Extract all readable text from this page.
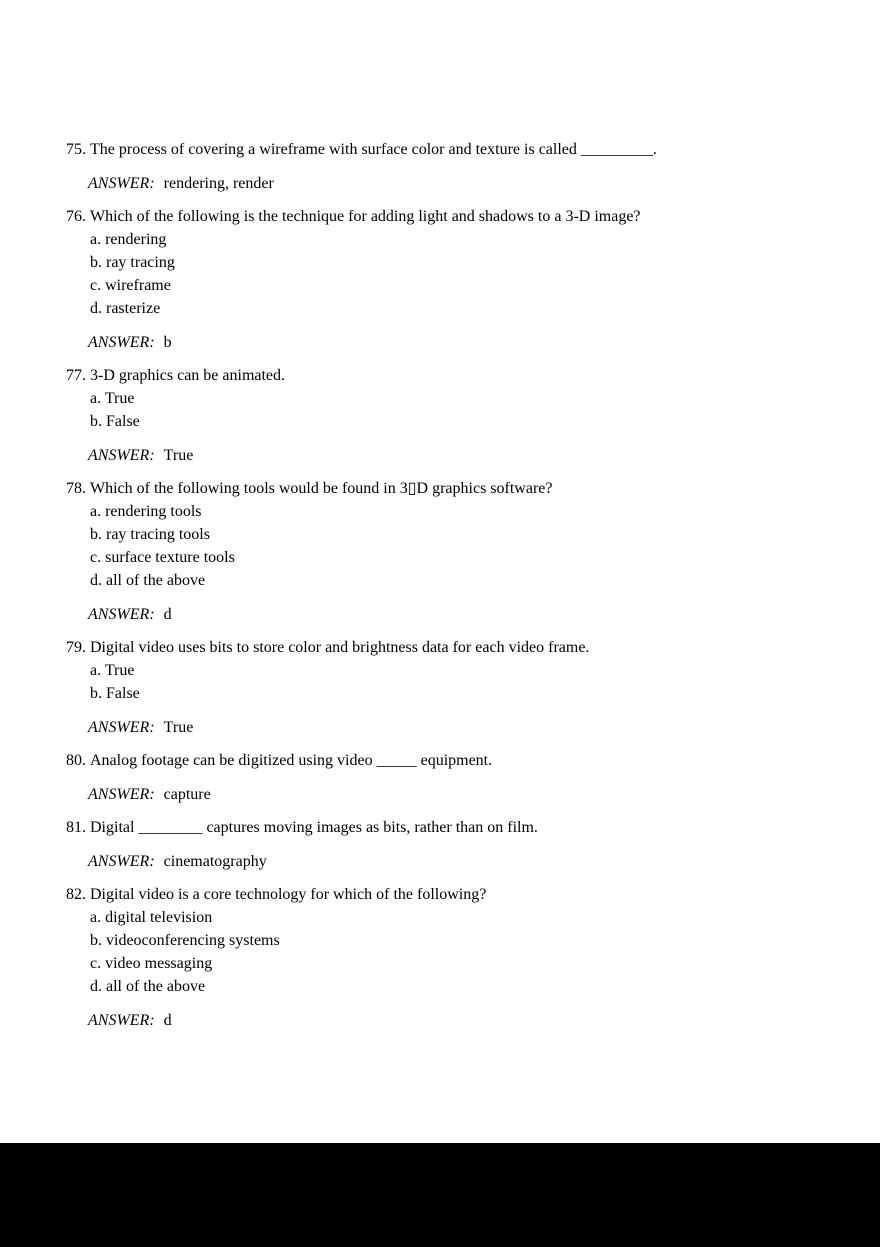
75. The process of covering a wireframe with surface color and texture is called _________.
ANSWER: rendering, render
76. Which of the following is the technique for adding light and shadows to a 3-D image?
a. rendering
b. ray tracing
c. wireframe
d. rasterize
ANSWER: b
77. 3-D graphics can be animated.
a. True
b. False
ANSWER: True
78. Which of the following tools would be found in 3▯D graphics software?
a. rendering tools
b. ray tracing tools
c. surface texture tools
d. all of the above
ANSWER: d
79. Digital video uses bits to store color and brightness data for each video frame.
a. True
b. False
ANSWER: True
80. Analog footage can be digitized using video _____ equipment.
ANSWER: capture
81. Digital ________ captures moving images as bits, rather than on film.
ANSWER: cinematography
82. Digital video is a core technology for which of the following?
a. digital television
b. videoconferencing systems
c. video messaging
d. all of the above
ANSWER: d
